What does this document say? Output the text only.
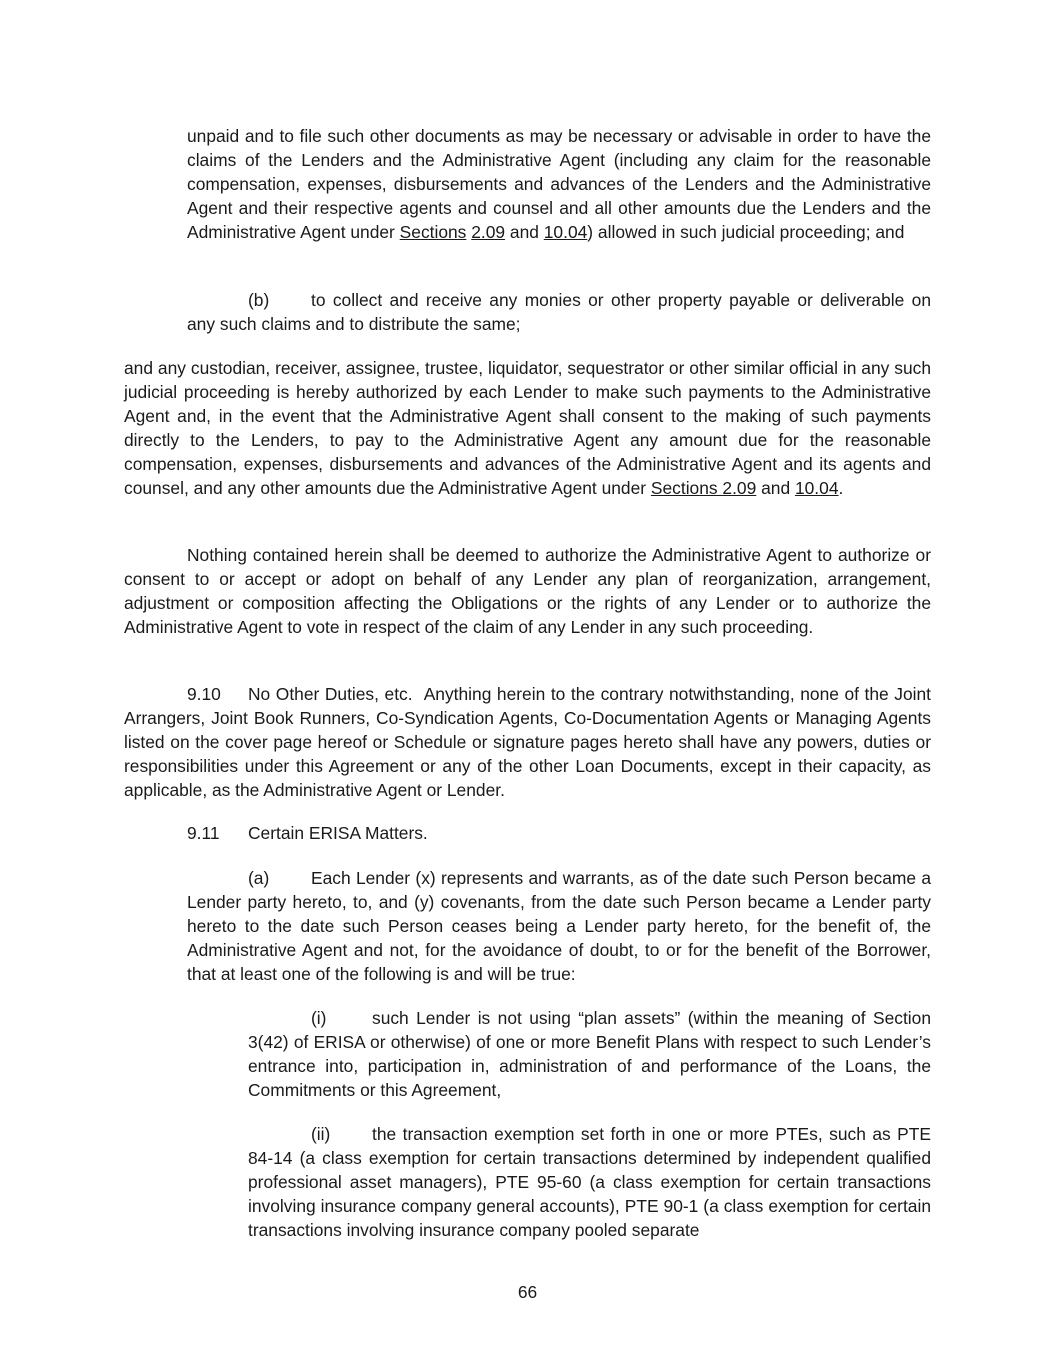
unpaid and to file such other documents as may be necessary or advisable in order to have the claims of the Lenders and the Administrative Agent (including any claim for the reasonable compensation, expenses, disbursements and advances of the Lenders and the Administrative Agent and their respective agents and counsel and all other amounts due the Lenders and the Administrative Agent under Sections 2.09 and 10.04) allowed in such judicial proceeding; and

(b) to collect and receive any monies or other property payable or deliverable on any such claims and to distribute the same;

and any custodian, receiver, assignee, trustee, liquidator, sequestrator or other similar official in any such judicial proceeding is hereby authorized by each Lender to make such payments to the Administrative Agent and, in the event that the Administrative Agent shall consent to the making of such payments directly to the Lenders, to pay to the Administrative Agent any amount due for the reasonable compensation, expenses, disbursements and advances of the Administrative Agent and its agents and counsel, and any other amounts due the Administrative Agent under Sections 2.09 and 10.04.

Nothing contained herein shall be deemed to authorize the Administrative Agent to authorize or consent to or accept or adopt on behalf of any Lender any plan of reorganization, arrangement, adjustment or composition affecting the Obligations or the rights of any Lender or to authorize the Administrative Agent to vote in respect of the claim of any Lender in any such proceeding.

9.10 No Other Duties, etc. Anything herein to the contrary notwithstanding, none of the Joint Arrangers, Joint Book Runners, Co-Syndication Agents, Co-Documentation Agents or Managing Agents listed on the cover page hereof or Schedule or signature pages hereto shall have any powers, duties or responsibilities under this Agreement or any of the other Loan Documents, except in their capacity, as applicable, as the Administrative Agent or Lender.

9.11 Certain ERISA Matters.

(a) Each Lender (x) represents and warrants, as of the date such Person became a Lender party hereto, to, and (y) covenants, from the date such Person became a Lender party hereto to the date such Person ceases being a Lender party hereto, for the benefit of, the Administrative Agent and not, for the avoidance of doubt, to or for the benefit of the Borrower, that at least one of the following is and will be true:

(i)	such Lender is not using “plan assets” (within the meaning of Section 3(42) of ERISA or otherwise) of one or more Benefit Plans with respect to such Lender’s entrance into, participation in, administration of and performance of the Loans, the Commitments or this Agreement,

(ii) the transaction exemption set forth in one or more PTEs, such as PTE 84-14 (a class exemption for certain transactions determined by independent qualified professional asset managers), PTE 95-60 (a class exemption for certain transactions involving insurance company general accounts), PTE 90-1 (a class exemption for certain transactions involving insurance company pooled separate

66
